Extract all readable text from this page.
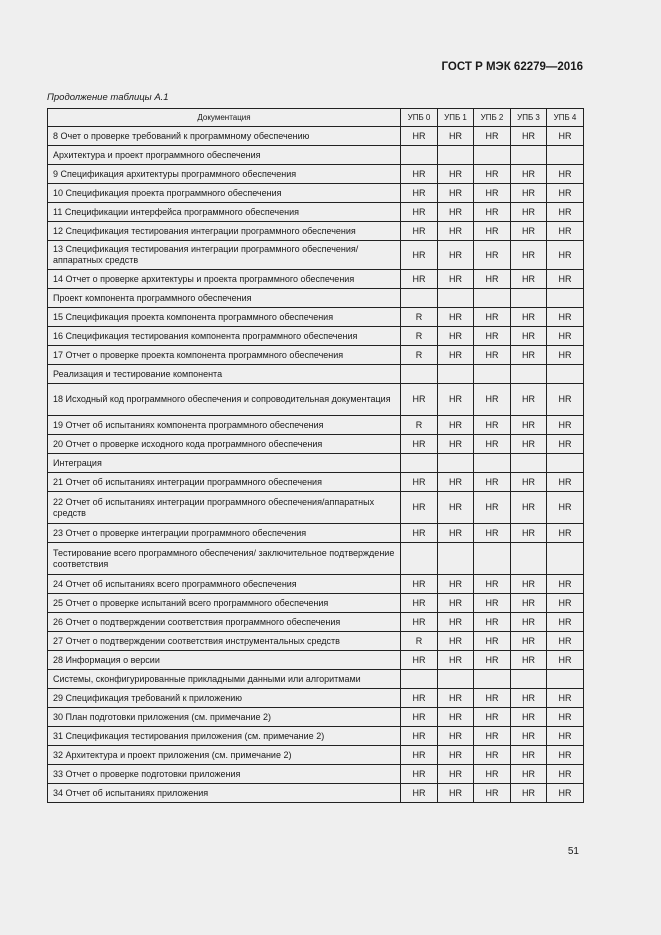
ГОСТ Р МЭК 62279—2016
Продолжение таблицы А.1
Документация	УПБ 0	УПБ 1	УПБ 2	УПБ 3	УПБ 4
8 Очет о проверке требований к программному обеспечению	HR	HR	HR	HR	HR
Архитектура и проект программного обеспечения					
9 Спецификация архитектуры программного обеспечения	HR	HR	HR	HR	HR
10 Спецификация проекта программного обеспечения	HR	HR	HR	HR	HR
11 Спецификации интерфейса программного обеспечения	HR	HR	HR	HR	HR
12 Спецификация тестирования интеграции программного обеспечения	HR	HR	HR	HR	HR
13 Спецификация тестирования интеграции программного обеспечения/аппаратных средств	HR	HR	HR	HR	HR
14 Отчет о проверке архитектуры и проекта программного обеспечения	HR	HR	HR	HR	HR
Проект компонента программного обеспечения					
15 Спецификация проекта компонента программного обеспечения	R	HR	HR	HR	HR
16 Спецификация тестирования компонента программного обеспечения	R	HR	HR	HR	HR
17 Отчет о проверке проекта компонента программного обеспечения	R	HR	HR	HR	HR
Реализация и тестирование компонента					
18 Исходный код программного обеспечения и сопроводительная документация	HR	HR	HR	HR	HR
19 Отчет об испытаниях компонента программного обеспечения	R	HR	HR	HR	HR
20 Отчет о проверке исходного кода программного обеспечения	HR	HR	HR	HR	HR
Интеграция					
21 Отчет об испытаниях интеграции программного обеспечения	HR	HR	HR	HR	HR
22 Отчет об испытаниях интеграции программного обеспечения/аппаратных средств	HR	HR	HR	HR	HR
23 Отчет о проверке интеграции программного обеспечения	HR	HR	HR	HR	HR
Тестирование всего программного обеспечения/ заключительное подтверждение соответствия					
24 Отчет об испытаниях всего программного обеспечения	HR	HR	HR	HR	HR
25 Отчет о проверке испытаний всего программного обеспечения	HR	HR	HR	HR	HR
26 Отчет о подтверждении соответствия программного обеспечения	HR	HR	HR	HR	HR
27 Отчет о подтверждении соответствия инструментальных средств	R	HR	HR	HR	HR
28 Информация о версии	HR	HR	HR	HR	HR
Системы, сконфигурированные прикладными данными или алгоритмами					
29 Спецификация требований к приложению	HR	HR	HR	HR	HR
30 План подготовки приложения (см. примечание 2)	HR	HR	HR	HR	HR
31 Спецификация тестирования приложения (см. примечание 2)	HR	HR	HR	HR	HR
32 Архитектура и проект приложения (см. примечание 2)	HR	HR	HR	HR	HR
33 Отчет о проверке подготовки приложения	HR	HR	HR	HR	HR
34 Отчет об испытаниях приложения	HR	HR	HR	HR	HR
51
